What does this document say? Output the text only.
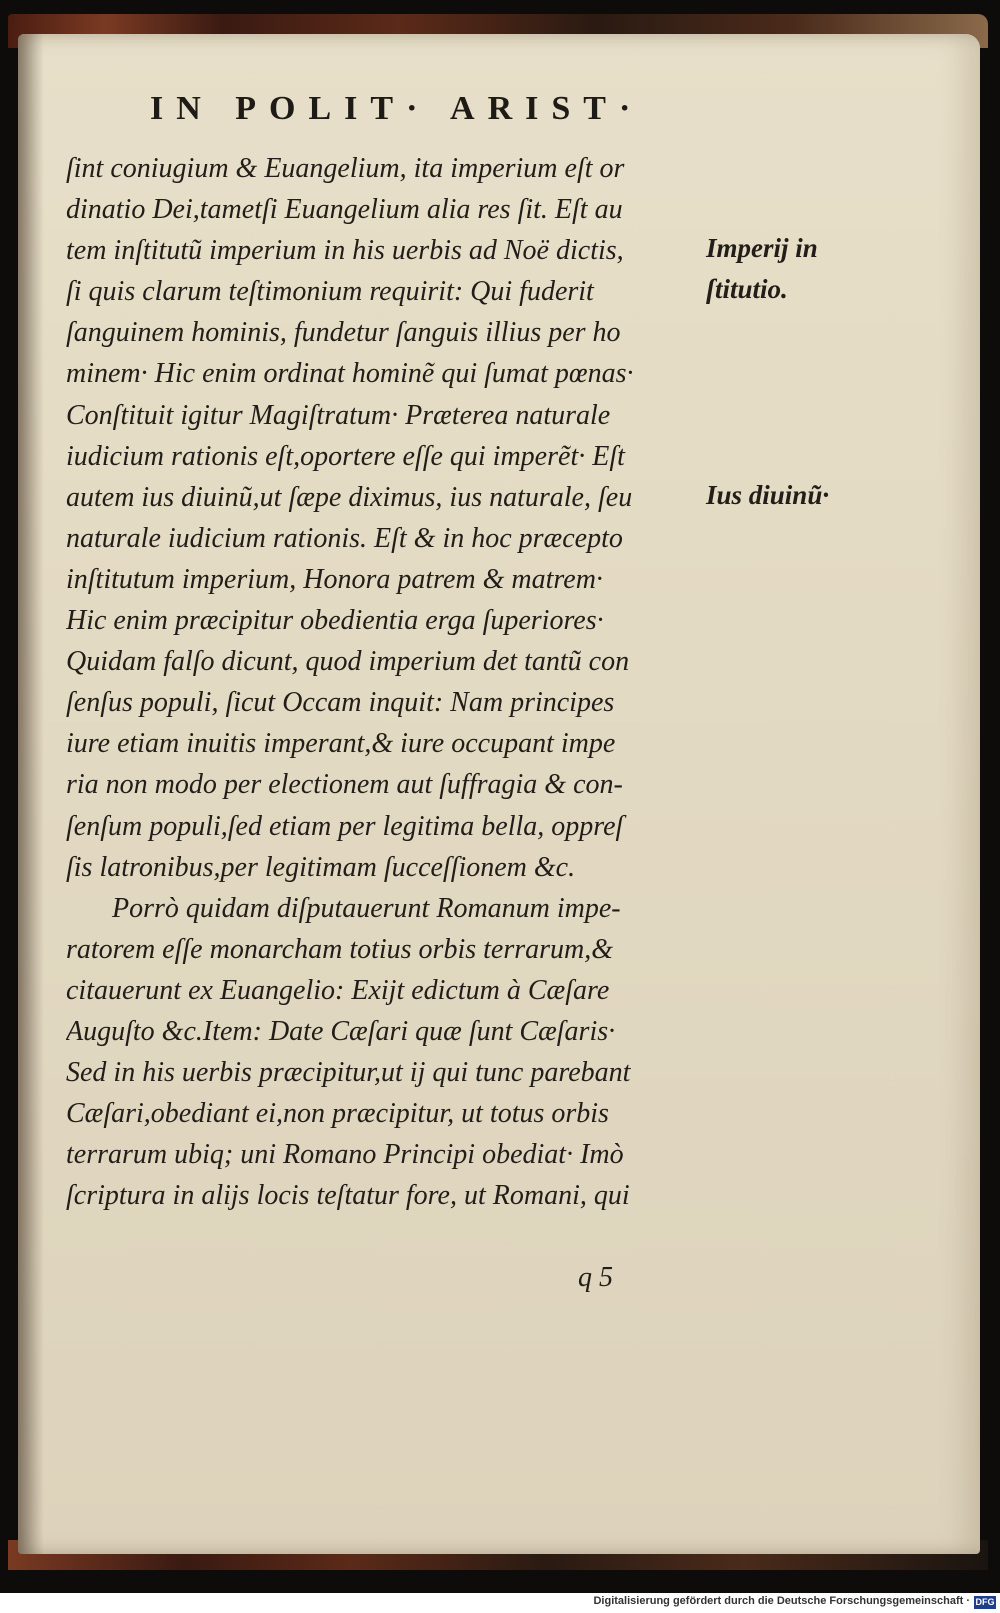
IN POLIT· ARIST·
ſint coniugium & Euangelium, ita imperium eſt or
dinatio Dei,tametſi Euangelium alia res ſit. Eſt au
tem inſtitutũ imperium in his uerbis ad Noë dictis,
ſi quis clarum teſtimonium requirit: Qui fuderit
ſanguinem hominis, fundetur ſanguis illius per ho
minem· Hic enim ordinat hominẽ qui ſumat pœnas·
Conſtituit igitur Magiſtratum· Præterea naturale
iudicium rationis eſt,oportere eſſe qui imperẽt· Eſt
autem ius diuinũ,ut ſæpe diximus, ius naturale, ſeu
naturale iudicium rationis. Eſt & in hoc præcepto
inſtitutum imperium, Honora patrem & matrem·
Hic enim præcipitur obedientia erga ſuperiores·
Quidam falſo dicunt, quod imperium det tantũ con
ſenſus populi, ſicut Occam inquit: Nam principes
iure etiam inuitis imperant,& iure occupant impe
ria non modo per electionem aut ſuffragia & con-
ſenſum populi,ſed etiam per legitima bella, oppreſ
ſis latronibus,per legitimam ſucceſſionem &c.
Porrò quidam diſputauerunt Romanum impe-
ratorem eſſe monarcham totius orbis terrarum,&
citauerunt ex Euangelio: Exijt edictum à Cæſare
Auguſto &c.Item: Date Cæſari quæ ſunt Cæſaris·
Sed in his uerbis præcipitur,ut ij qui tunc parebant
Cæſari,obediant ei,non præcipitur, ut totus orbis
terrarum ubiq; uni Romano Principi obediat· Imò
ſcriptura in alijs locis teſtatur fore, ut Romani, qui
Imperij in
ſtitutio.
Ius diuinũ·
q 5
Digitalisierung gefördert durch die Deutsche Forschungsgemeinschaft · DFG
